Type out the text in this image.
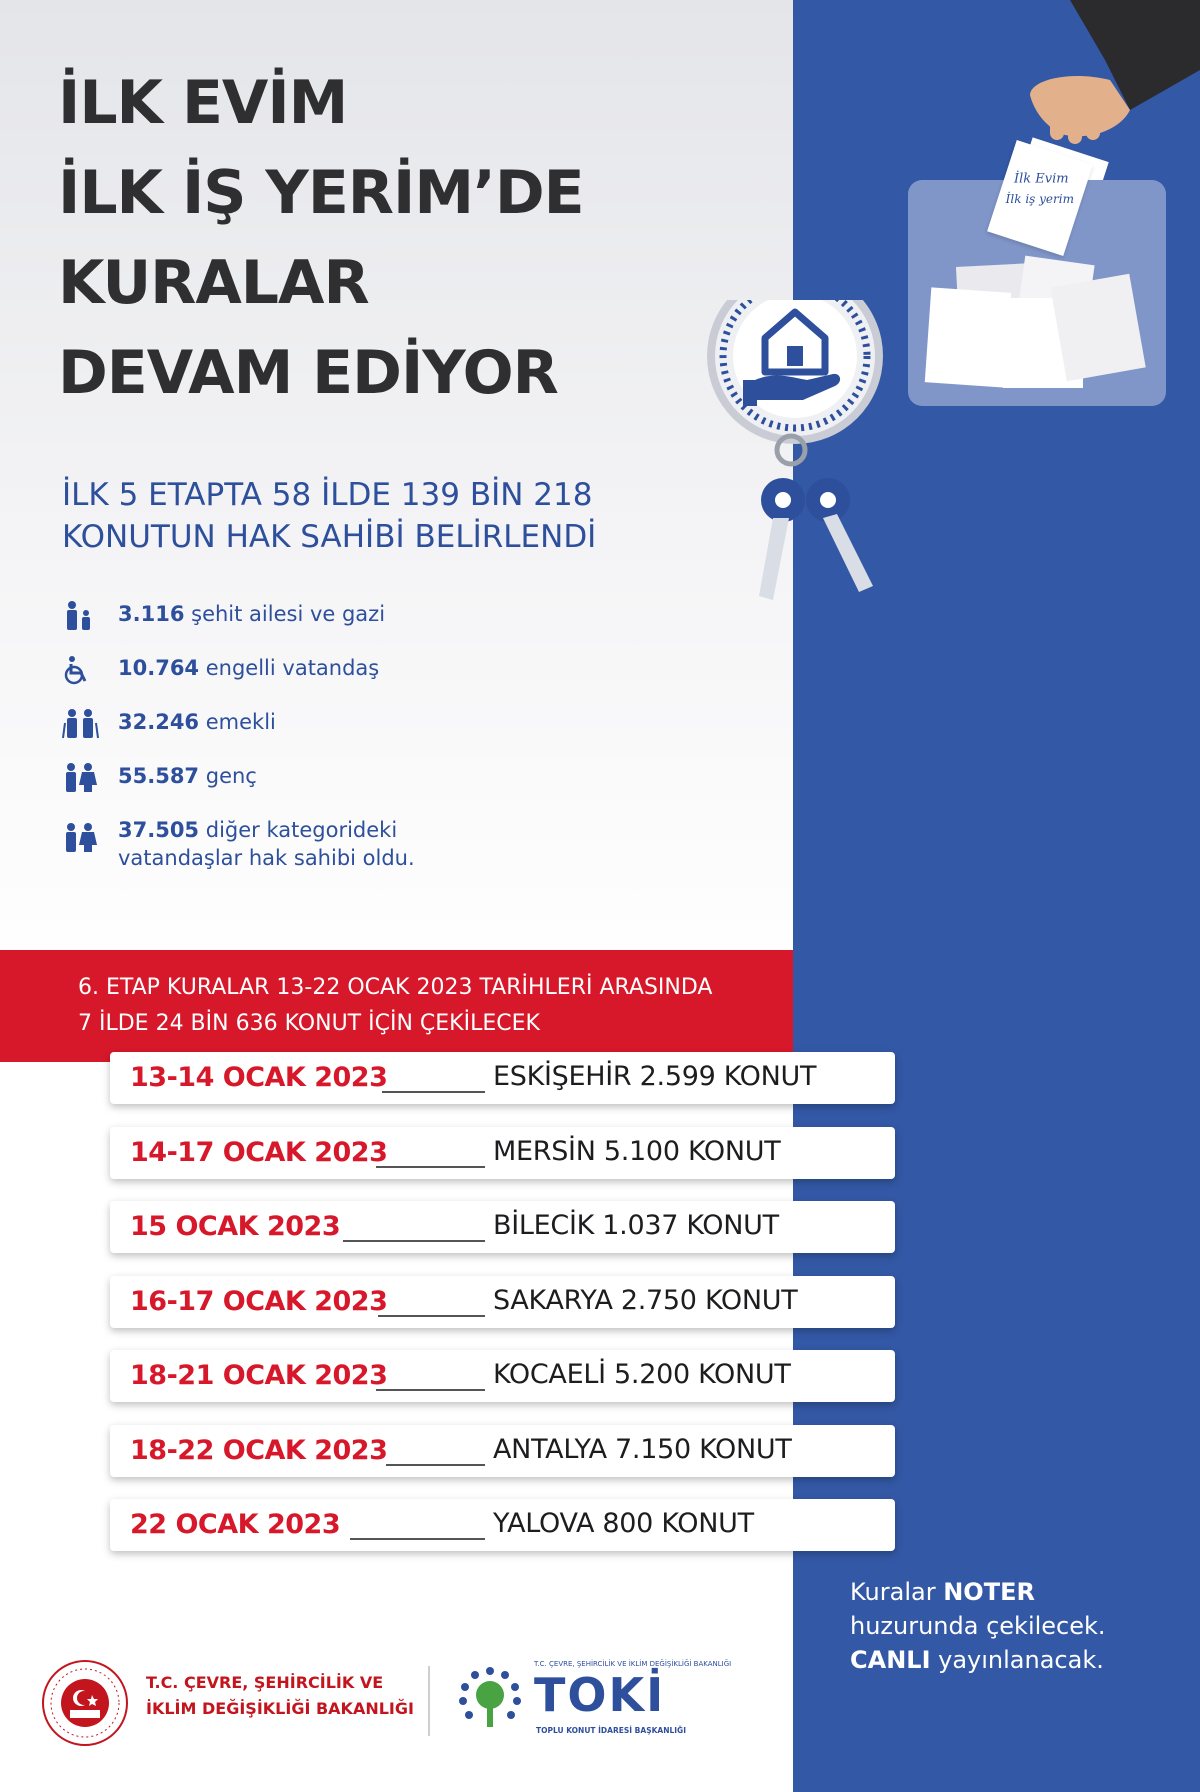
İlk Evim
İlk iş yerim
İLK EVİM
İLK İŞ YERİM’DE
KURALAR
DEVAM EDİYOR
İLK 5 ETAPTA 58 İLDE 139 BİN 218
KONUTUN HAK SAHİBİ BELİRLENDİ
3.116 şehit ailesi ve gazi
10.764 engelli vatandaş
32.246 emekli
55.587 genç
37.505 diğer kategorideki
vatandaşlar hak sahibi oldu.
6. ETAP KURALAR 13-22 OCAK 2023 TARİHLERİ ARASINDA
7 İLDE 24 BİN 636 KONUT İÇİN ÇEKİLECEK
13-14 OCAK 2023	ESKİŞEHİR 2.599 KONUT
14-17 OCAK 2023	MERSİN 5.100 KONUT
15 OCAK 2023	BİLECİK 1.037 KONUT
16-17 OCAK 2023	SAKARYA 2.750 KONUT
18-21 OCAK 2023	KOCAELİ 5.200 KONUT
18-22 OCAK 2023	ANTALYA 7.150 KONUT
22 OCAK 2023	YALOVA 800 KONUT
Kuralar NOTER
huzurunda çekilecek.
CANLI yayınlanacak.
T.C. ÇEVRE, ŞEHİRCİLİK VE
İKLİM DEĞİŞİKLİĞİ BAKANLIĞI
T.C. ÇEVRE, ŞEHİRCİLİK VE İKLİM DEĞİŞİKLİĞİ BAKANLIĞI
TOKİ
TOPLU KONUT İDARESİ BAŞKANLIĞI
